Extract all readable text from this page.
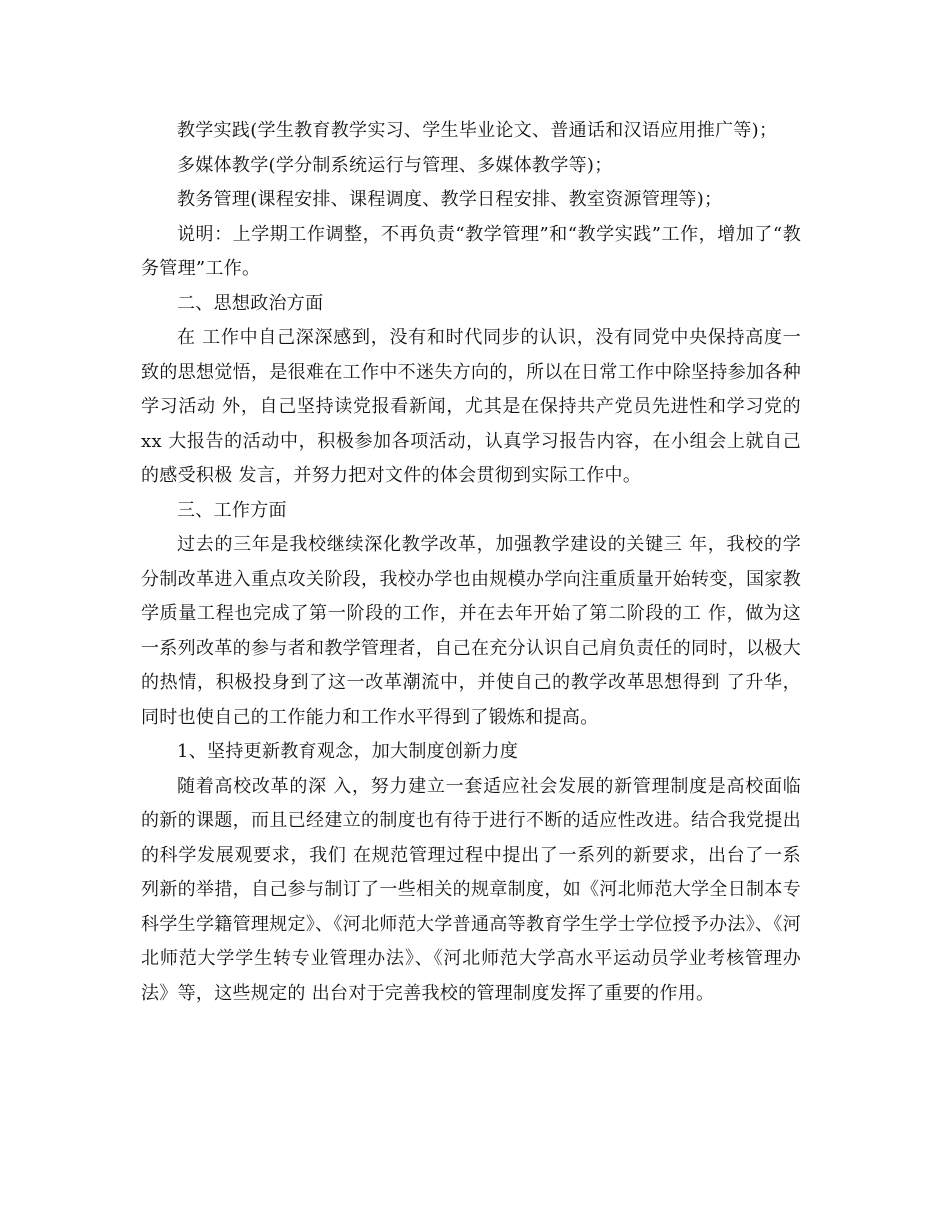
教学实践(学生教育教学实习、学生毕业论文、普通话和汉语应用推广等)；

多媒体教学(学分制系统运行与管理、多媒体教学等)；

教务管理(课程安排、课程调度、教学日程安排、教室资源管理等)；

说明：上学期工作调整，不再负责“教学管理”和“教学实践”工作，增加了“教务管理”工作。

二、思想政治方面

在 工作中自己深深感到，没有和时代同步的认识，没有同党中央保持高度一致的思想觉悟，是很难在工作中不迷失方向的，所以在日常工作中除坚持参加各种学习活动 外，自己坚持读党报看新闻，尤其是在保持共产党员先进性和学习党的 xx 大报告的活动中，积极参加各项活动，认真学习报告内容，在小组会上就自己的感受积极 发言，并努力把对文件的体会贯彻到实际工作中。

三、工作方面

过去的三年是我校继续深化教学改革，加强教学建设的关键三 年，我校的学分制改革进入重点攻关阶段，我校办学也由规模办学向注重质量开始转变，国家教学质量工程也完成了第一阶段的工作，并在去年开始了第二阶段的工 作，做为这一系列改革的参与者和教学管理者，自己在充分认识自己肩负责任的同时，以极大的热情，积极投身到了这一改革潮流中，并使自己的教学改革思想得到 了升华，同时也使自己的工作能力和工作水平得到了锻炼和提高。

1、坚持更新教育观念，加大制度创新力度

随着高校改革的深 入，努力建立一套适应社会发展的新管理制度是高校面临的新的课题，而且已经建立的制度也有待于进行不断的适应性改进。结合我党提出的科学发展观要求，我们 在规范管理过程中提出了一系列的新要求，出台了一系列新的举措，自己参与制订了一些相关的规章制度，如《河北师范大学全日制本专科学生学籍管理规定》、《河北师范大学普通高等教育学生学士学位授予办法》、《河北师范大学学生转专业管理办法》、《河北师范大学高水平运动员学业考核管理办法》等，这些规定的 出台对于完善我校的管理制度发挥了重要的作用。
